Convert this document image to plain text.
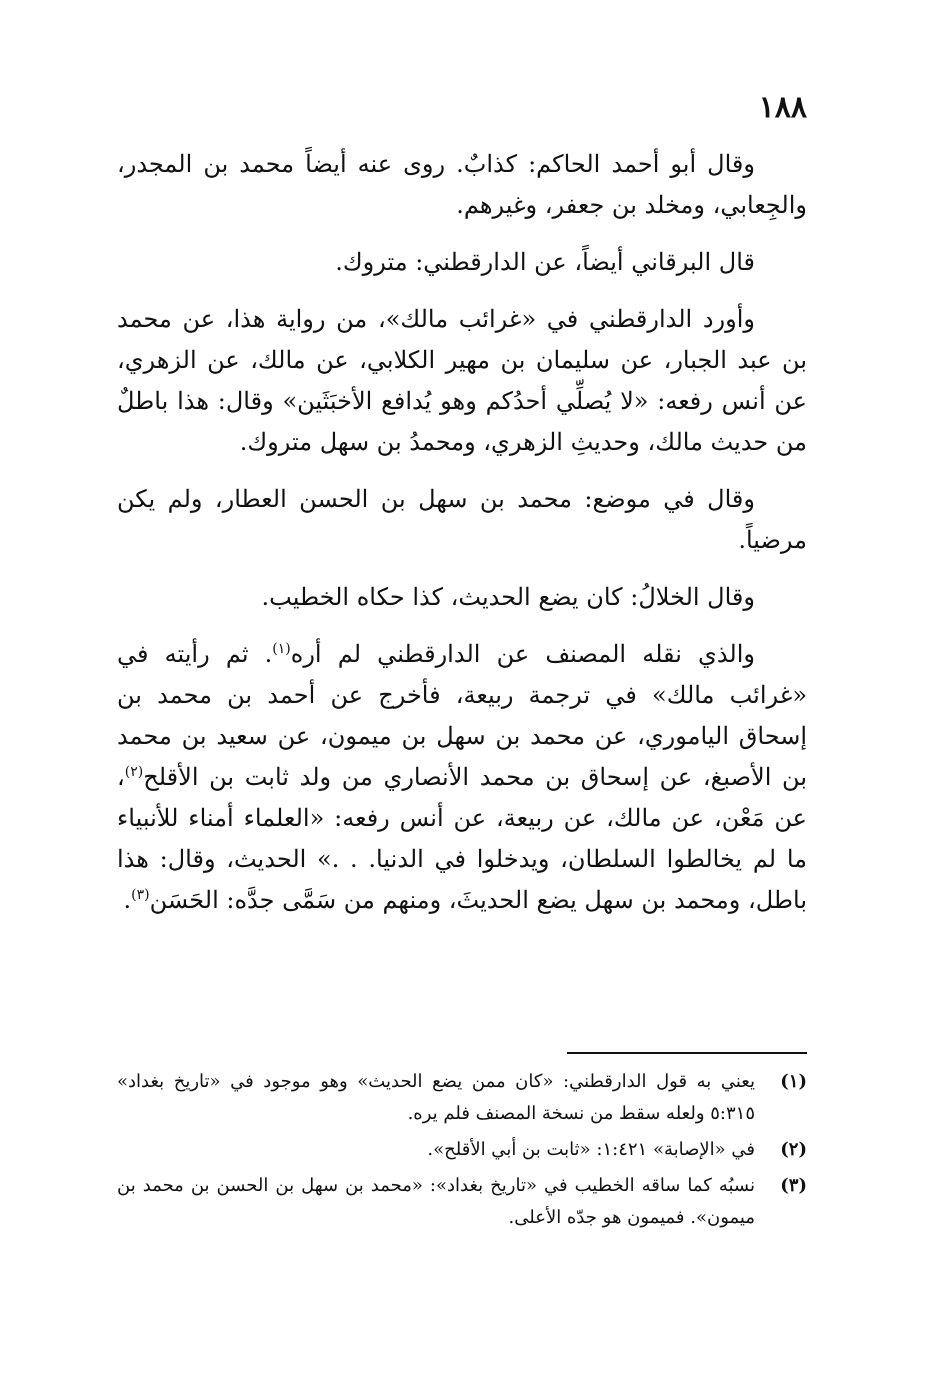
١٨٨

وقال أبو أحمد الحاكم: كذابٌ. روى عنه أيضاً محمد بن المجدر، والجِعابي، ومخلد بن جعفر، وغيرهم.

قال البرقاني أيضاً، عن الدارقطني: متروك.

وأورد الدارقطني في «غرائب مالك»، من رواية هذا، عن محمد بن عبد الجبار، عن سليمان بن مهير الكلابي، عن مالك، عن الزهري، عن أنس رفعه: «لا يُصلِّي أحدُكم وهو يُدافع الأخبَثَين» وقال: هذا باطلٌ من حديث مالك، وحديثِ الزهري، ومحمدُ بن سهل متروك.

وقال في موضع: محمد بن سهل بن الحسن العطار، ولم يكن مرضياً.

وقال الخلالُ: كان يضع الحديث، كذا حكاه الخطيب.

والذي نقله المصنف عن الدارقطني لم أره$^{(١)}$. ثم رأيته في «غرائب مالك» في ترجمة ربيعة، فأخرج عن أحمد بن محمد بن إسحاق الياموري، عن محمد بن سهل بن ميمون، عن سعيد بن محمد بن الأصبغ، عن إسحاق بن محمد الأنصاري من ولد ثابت بن الأقلح$^{(٢)}$، عن مَعْن، عن مالك، عن ربيعة، عن أنس رفعه: «العلماء أمناء للأنبياء ما لم يخالطوا السلطان، ويدخلوا في الدنيا. . .» الحديث، وقال: هذا باطل، ومحمد بن سهل يضع الحديثَ، ومنهم من سَمَّى جدَّه: الحَسَن$^{(٣)}$.

(١)
يعني به قول الدارقطني: «كان ممن يضع الحديث» وهو موجود في «تاريخ بغداد» ٥:٣١٥ ولعله سقط من نسخة المصنف فلم يره.
(٢)
في «الإصابة» ١:٤٢١: «ثابت بن أبي الأقلح».
(٣)
نسبُه كما ساقه الخطيب في «تاريخ بغداد»: «محمد بن سهل بن الحسن بن محمد بن ميمون». فميمون هو جدّه الأعلى.
